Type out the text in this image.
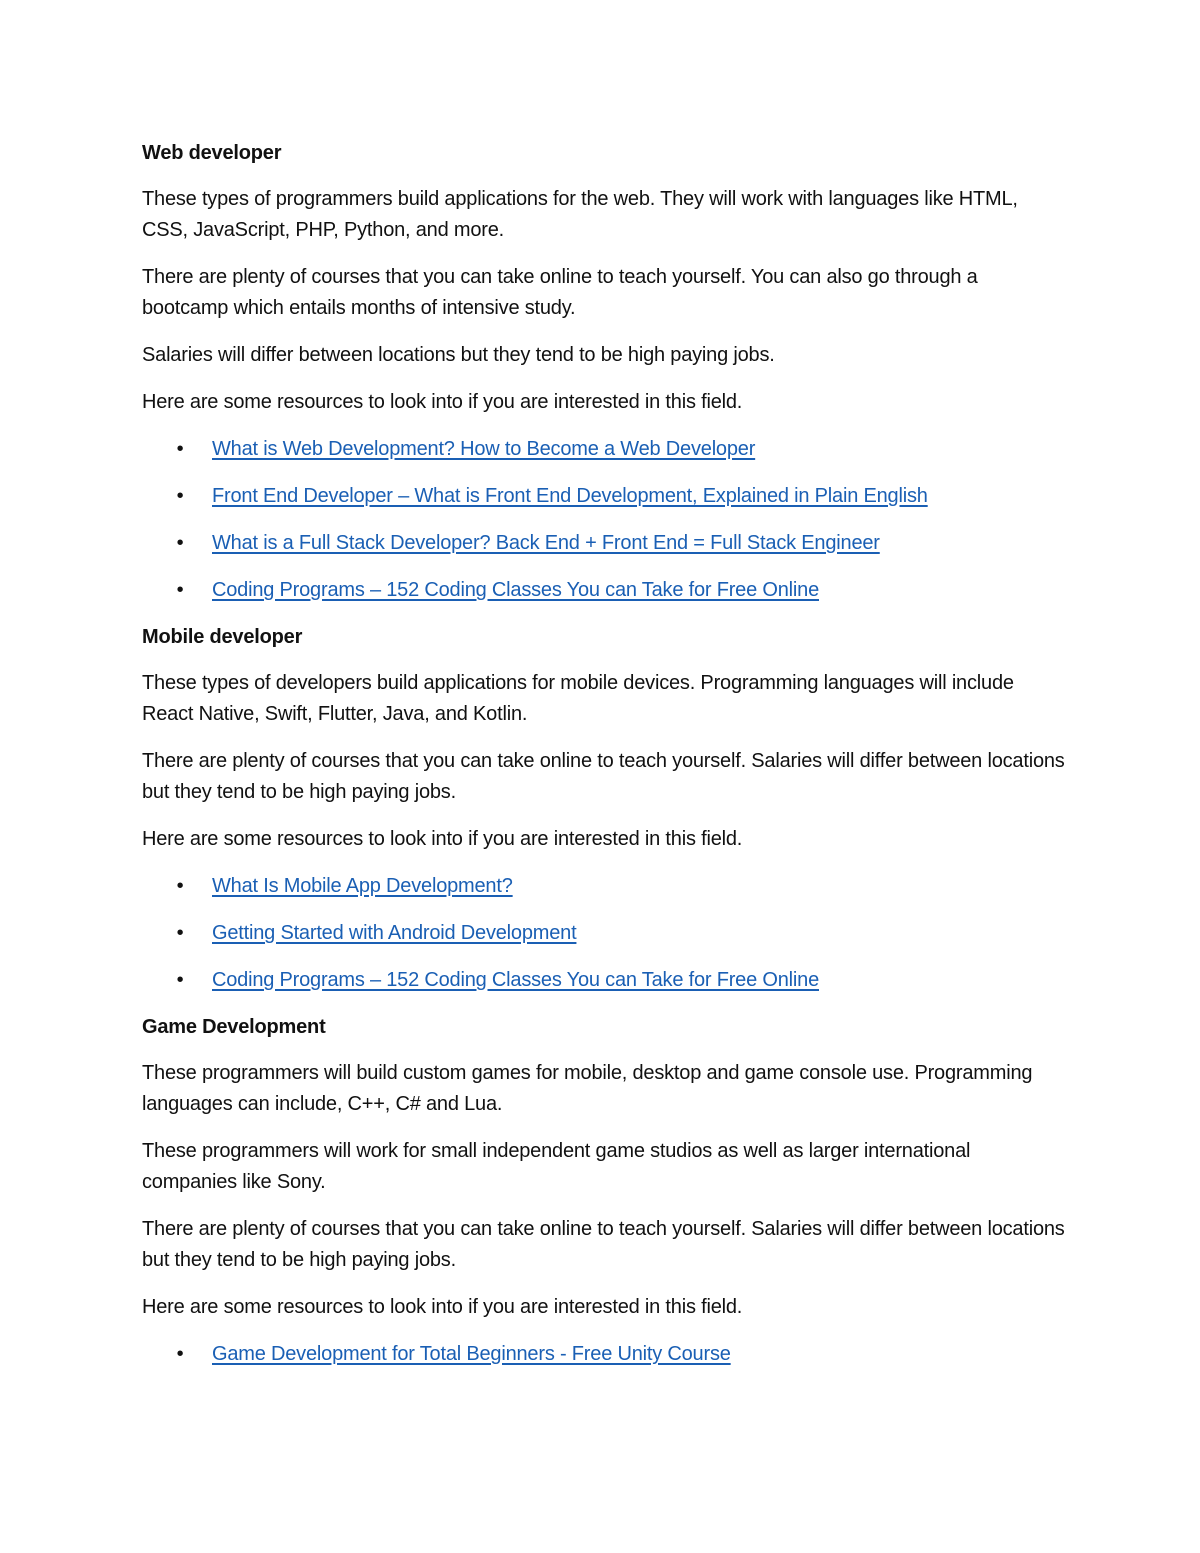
Web developer

These types of programmers build applications for the web. They will work with languages like HTML, CSS, JavaScript, PHP, Python, and more.

There are plenty of courses that you can take online to teach yourself. You can also go through a bootcamp which entails months of intensive study.

Salaries will differ between locations but they tend to be high paying jobs.

Here are some resources to look into if you are interested in this field.

• What is Web Development? How to Become a Web Developer
• Front End Developer – What is Front End Development, Explained in Plain English
• What is a Full Stack Developer? Back End + Front End = Full Stack Engineer
• Coding Programs – 152 Coding Classes You can Take for Free Online
Mobile developer

These types of developers build applications for mobile devices. Programming languages will include React Native, Swift, Flutter, Java, and Kotlin.

There are plenty of courses that you can take online to teach yourself. Salaries will differ between locations but they tend to be high paying jobs.

Here are some resources to look into if you are interested in this field.

• What Is Mobile App Development?
• Getting Started with Android Development
• Coding Programs – 152 Coding Classes You can Take for Free Online
Game Development

These programmers will build custom games for mobile, desktop and game console use. Programming languages can include, C++, C# and Lua.

These programmers will work for small independent game studios as well as larger international companies like Sony.

There are plenty of courses that you can take online to teach yourself. Salaries will differ between locations but they tend to be high paying jobs.

Here are some resources to look into if you are interested in this field.

• Game Development for Total Beginners - Free Unity Course
